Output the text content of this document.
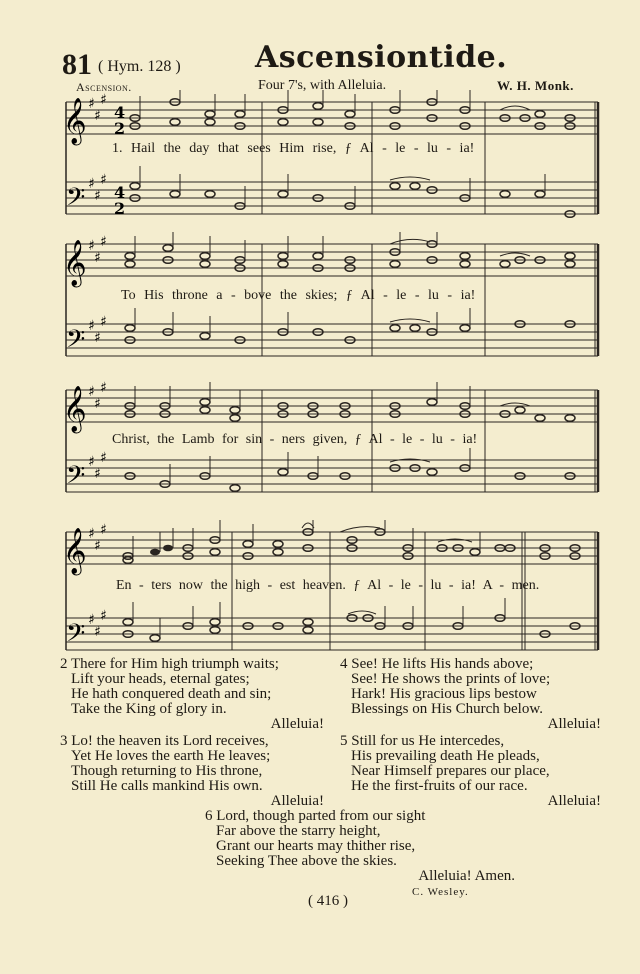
81 ( Hym. 128 ) Ascensiontide.
Ascension.	Four 7's, with Alleluia.	W. H. Monk.
𝄞
𝄢
♯
♯
♯
♯
♯
♯
4
2
4
2
1. Hail the day that sees Him rise, ƒ Al - le - lu - ia!
𝄞
𝄢
♯
♯
♯
♯
♯
♯
To His throne a - bove the skies; ƒ Al - le - lu - ia!
𝄞
𝄢
♯
♯
♯
♯
♯
♯
Christ, the Lamb for sin - ners given, ƒ Al - le - lu - ia!
𝄞
𝄢
♯
♯
♯
♯
♯
♯
En - ters now the high - est heaven. ƒ Al - le - lu - ia! A - men.
2 There for Him high triumph waits;
Lift your heads, eternal gates;
He hath conquered death and sin;
Take the King of glory in.
Alleluia!
3 Lo! the heaven its Lord receives,
Yet He loves the earth He leaves;
Though returning to His throne,
Still He calls mankind His own.
Alleluia!
4 See! He lifts His hands above;
See! He shows the prints of love;
Hark! His gracious lips bestow
Blessings on His Church below.
Alleluia!
5 Still for us He intercedes,
His prevailing death He pleads,
Near Himself prepares our place,
He the first-fruits of our race.
Alleluia!
6 Lord, though parted from our sight
Far above the starry height,
Grant our hearts may thither rise,
Seeking Thee above the skies.
Alleluia! Amen.
C. Wesley.
( 416 )
